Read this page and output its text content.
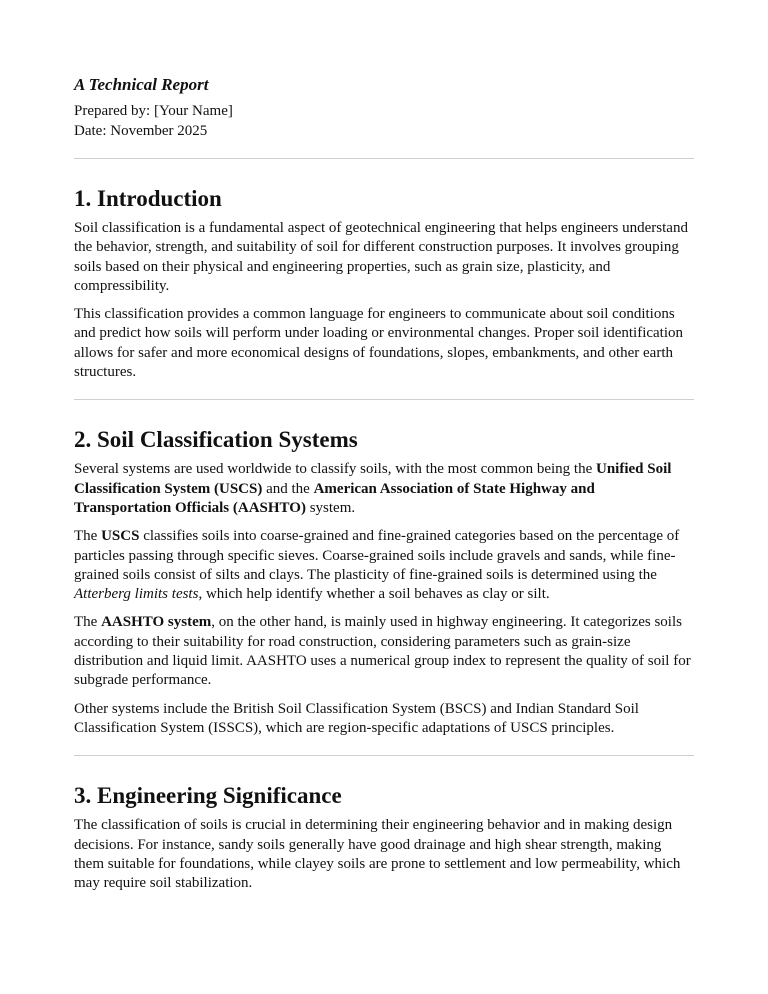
A Technical Report

Prepared by: [Your Name]

Date: November 2025

1. Introduction

Soil classification is a fundamental aspect of geotechnical engineering that helps engineers understand the behavior, strength, and suitability of soil for different construction purposes. It involves grouping soils based on their physical and engineering properties, such as grain size, plasticity, and compressibility.

This classification provides a common language for engineers to communicate about soil conditions and predict how soils will perform under loading or environmental changes. Proper soil identification allows for safer and more economical designs of foundations, slopes, embankments, and other earth structures.

2. Soil Classification Systems

Several systems are used worldwide to classify soils, with the most common being the Unified Soil Classification System (USCS) and the American Association of State Highway and Transportation Officials (AASHTO) system.

The USCS classifies soils into coarse-grained and fine-grained categories based on the percentage of particles passing through specific sieves. Coarse-grained soils include gravels and sands, while fine-grained soils consist of silts and clays. The plasticity of fine-grained soils is determined using the Atterberg limits tests, which help identify whether a soil behaves as clay or silt.

The AASHTO system, on the other hand, is mainly used in highway engineering. It categorizes soils according to their suitability for road construction, considering parameters such as grain-size distribution and liquid limit. AASHTO uses a numerical group index to represent the quality of soil for subgrade performance.

Other systems include the British Soil Classification System (BSCS) and Indian Standard Soil Classification System (ISSCS), which are region-specific adaptations of USCS principles.

3. Engineering Significance

The classification of soils is crucial in determining their engineering behavior and in making design decisions. For instance, sandy soils generally have good drainage and high shear strength, making them suitable for foundations, while clayey soils are prone to settlement and low permeability, which may require soil stabilization.
